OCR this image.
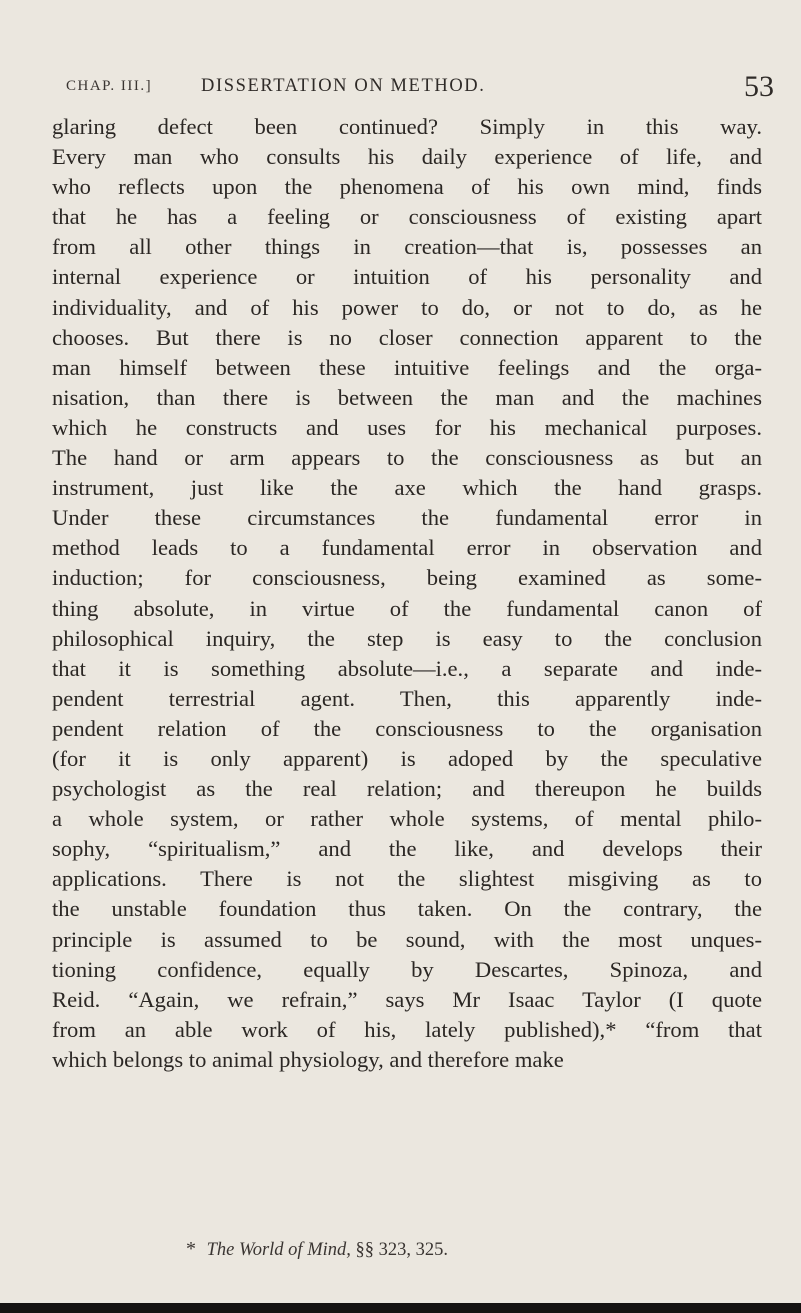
CHAP. III.]	DISSERTATION ON METHOD.	53
glaring defect been continued? Simply in this way.
Every man who consults his daily experience of life, and
who reflects upon the phenomena of his own mind, finds
that he has a feeling or consciousness of existing apart
from all other things in creation—that is, possesses an
internal experience or intuition of his personality and
individuality, and of his power to do, or not to do, as he
chooses. But there is no closer connection apparent to the
man himself between these intuitive feelings and the orga-
nisation, than there is between the man and the machines
which he constructs and uses for his mechanical purposes.
The hand or arm appears to the consciousness as but an
instrument, just like the axe which the hand grasps.
Under these circumstances the fundamental error in
method leads to a fundamental error in observation and
induction; for consciousness, being examined as some-
thing absolute, in virtue of the fundamental canon of
philosophical inquiry, the step is easy to the conclusion
that it is something absolute—i.e., a separate and inde-
pendent terrestrial agent. Then, this apparently inde-
pendent relation of the consciousness to the organisation
(for it is only apparent) is adoped by the speculative
psychologist as the real relation; and thereupon he builds
a whole system, or rather whole systems, of mental philo-
sophy, “spiritualism,” and the like, and develops their
applications. There is not the slightest misgiving as to
the unstable foundation thus taken. On the contrary, the
principle is assumed to be sound, with the most unques-
tioning confidence, equally by Descartes, Spinoza, and
Reid. “Again, we refrain,” says Mr Isaac Taylor (I quote
from an able work of his, lately published),* “from that
which belongs to animal physiology, and therefore make
* The World of Mind, §§ 323, 325.
